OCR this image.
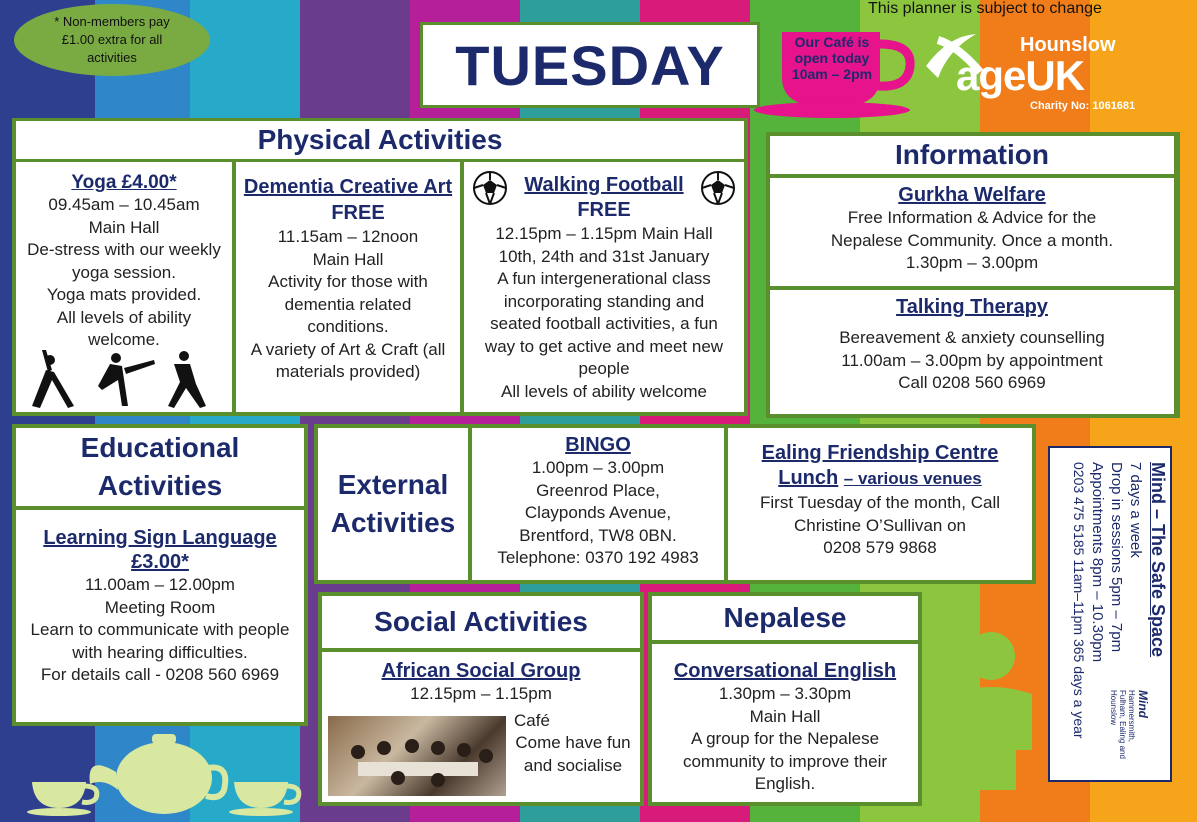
* Non-members pay £1.00 extra for all activities
This planner is subject to change
TUESDAY	Our Café is open today 10am – 2pm
Hounslow
ageUK
Charity No: 1061681
Physical Activities
Yoga £4.00*
09.45am – 10.45am
Main Hall
De-stress with our weekly yoga session.
Yoga mats provided.
All levels of ability welcome.
Dementia Creative Art FREE
11.15am – 12noon
Main Hall
Activity for those with dementia related conditions.
A variety of Art & Craft (all materials provided)
Walking Football
FREE
12.15pm – 1.15pm Main Hall
10th, 24th and 31st January
A fun intergenerational class incorporating standing and seated football activities, a fun way to get active and meet new people
All levels of ability welcome
Information
Gurkha Welfare
Free Information & Advice for the Nepalese Community. Once a month.
1.30pm – 3.00pm
Talking Therapy
Bereavement & anxiety counselling
11.00am – 3.00pm by appointment
Call 0208 560 6969
Educational Activities
Learning Sign Language £3.00*
11.00am – 12.00pm
Meeting Room
Learn to communicate with people with hearing difficulties.
For details call - 0208 560 6969
External Activities
BINGO
1.00pm – 3.00pm
Greenrod Place,
Clayponds Avenue,
Brentford, TW8 0BN.
Telephone: 0370 192 4983
Ealing Friendship Centre
Lunch – various venues
First Tuesday of the month, Call Christine O’Sullivan on
0208 579 9868
Social Activities
African Social Group
12.15pm – 1.15pm
Café
Come have fun and socialise
Nepalese
Conversational English
1.30pm – 3.30pm
Main Hall
A group for the Nepalese community to improve their English.
Mind – The Safe Space
7 days a week
Drop in sessions 5pm – 7pm
Appointments 8pm – 10.30pm
0203 475 5185 11am–11pm 365 days a year	Mind
Hammersmith, Fulham, Ealing and Hounslow
